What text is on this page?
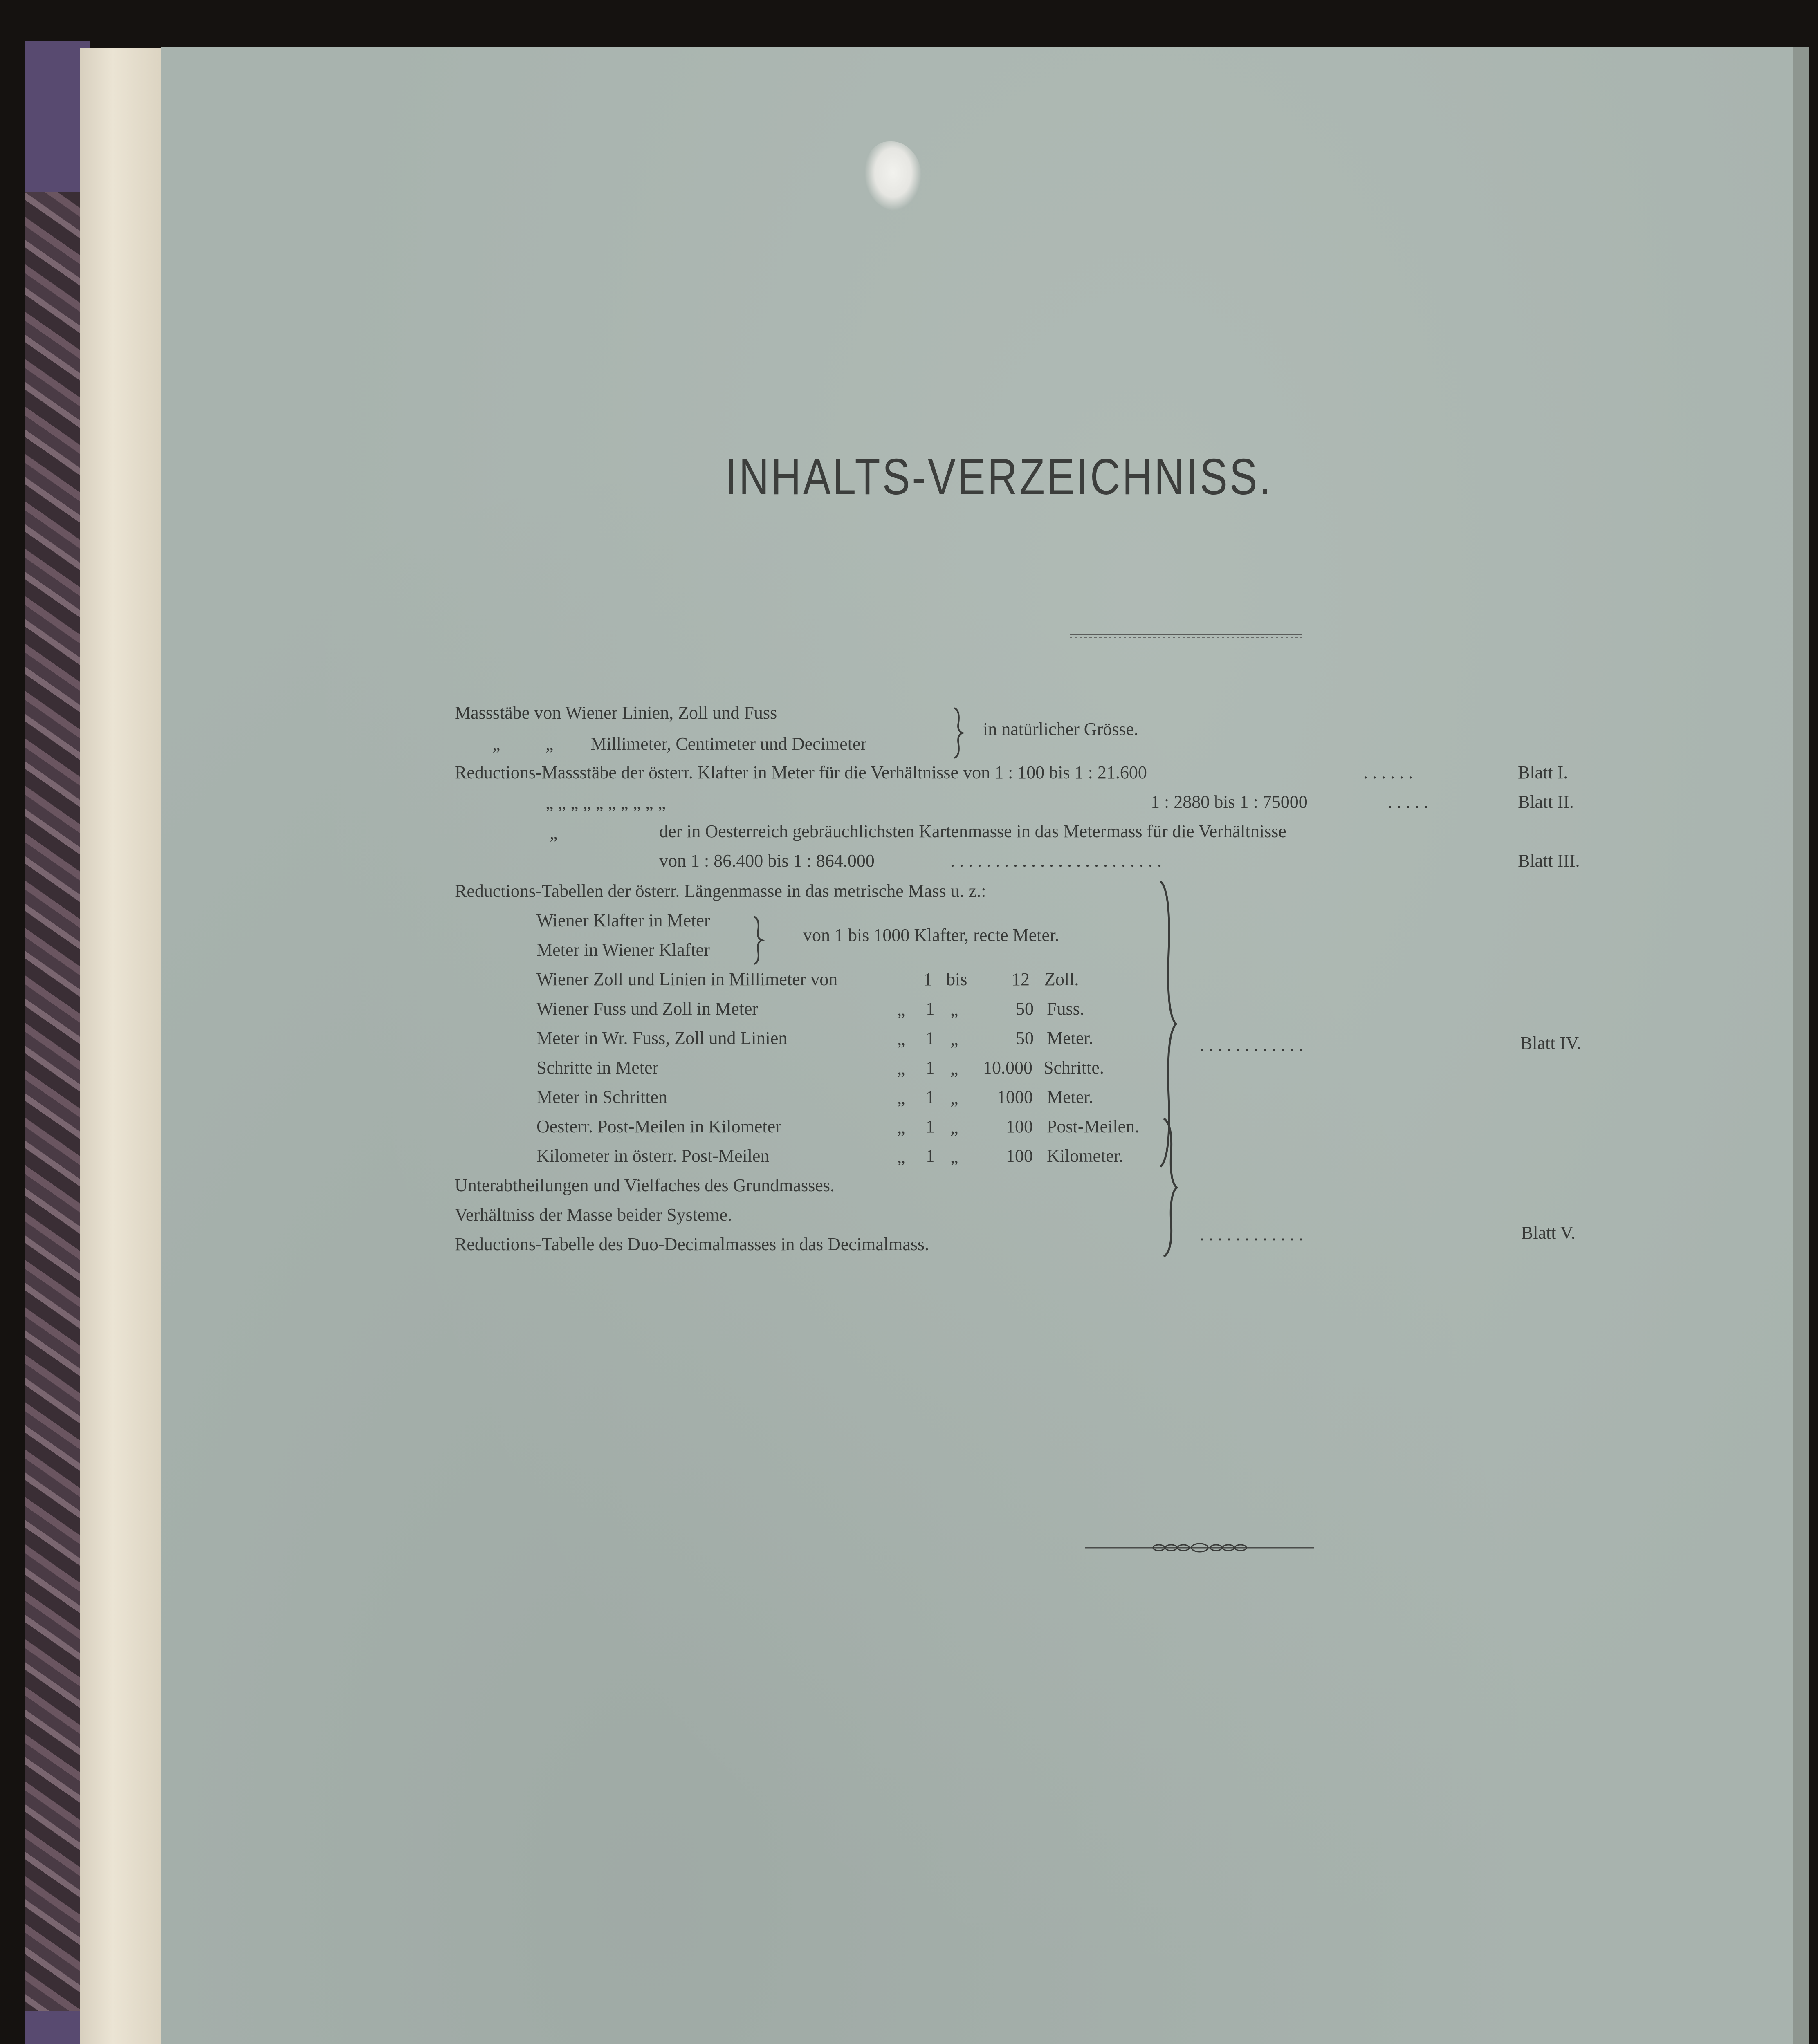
INHALTS-VERZEICHNISS.
Massstäbe von Wiener Linien, Zoll und Fuss
„	„ Millimeter, Centimeter und Decimeter
in natürlicher Grösse.
Reductions-Massstäbe der österr. Klafter in Meter für die Verhältnisse von 1 : 100 bis 1 : 21.600	. . . . . .	Blatt I.
„ „ „ „ „ „ „ „ „ „	1 : 2880 bis 1 : 75000	. . . . .	Blatt II.
„	der in Oesterreich gebräuchlichsten Kartenmasse in das Metermass für die Verhältnisse
von 1 : 86.400 bis 1 : 864.000	. . . . . . . . . . . . . . . . . . . . . . . .	Blatt III.
Reductions-Tabellen der österr. Längenmasse in das metrische Mass u. z.:
Wiener Klafter in Meter
Meter in Wiener Klafter
von 1 bis 1000 Klafter, recte Meter.
Wiener Zoll und Linien in Millimeter von	1 bis 12 Zoll.
Wiener Fuss und Zoll in Meter	„ 1 „	50 Fuss.
Meter in Wr. Fuss, Zoll und Linien	„ 1 „	50 Meter.
Schritte in Meter	„ 1 „ 10.000 Schritte.
Meter in Schritten	„ 1 „ 1000 Meter.
Oesterr. Post-Meilen in Kilometer	„ 1 „	100 Post-Meilen.
Kilometer in österr. Post-Meilen	„ 1 „	100 Kilometer.
. . . . . . . . . . . .	Blatt IV.
Unterabtheilungen und Vielfaches des Grundmasses.
Verhältniss der Masse beider Systeme.
Reductions-Tabelle des Duo-Decimalmasses in das Decimalmass.	. . . . . . . . . . . .	Blatt V.
